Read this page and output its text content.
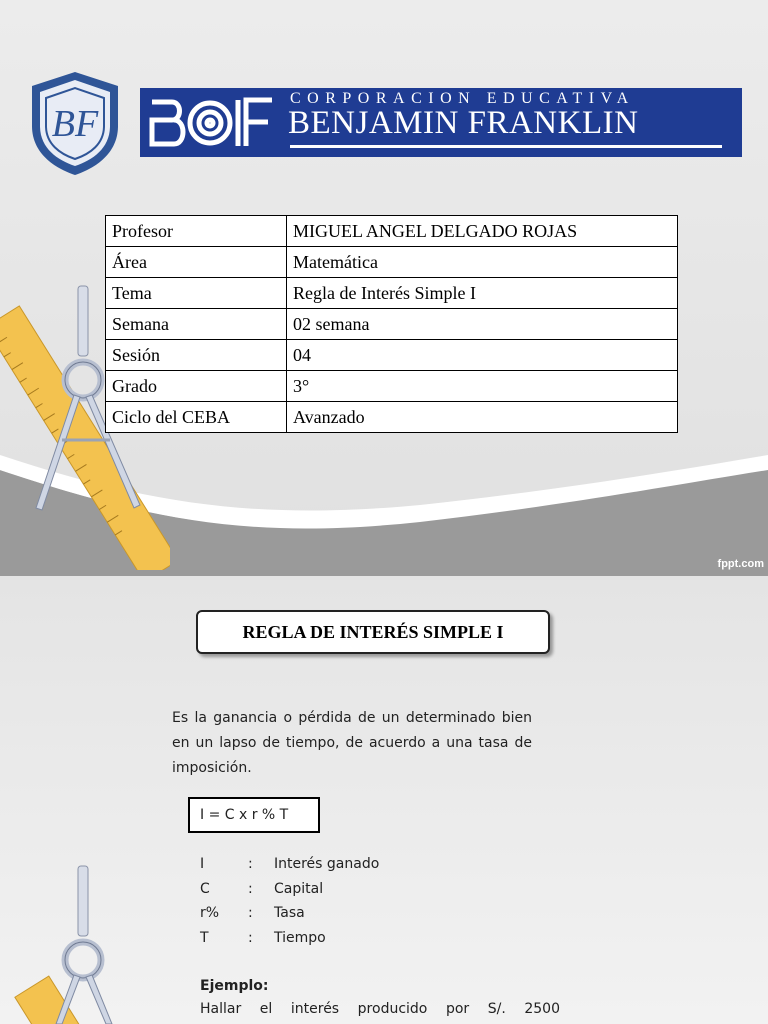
BF
CORPORACION EDUCATIVA
BENJAMIN FRANKLIN
Profesor	MIGUEL ANGEL DELGADO ROJAS
Área	Matemática
Tema	Regla de Interés Simple I
Semana	02 semana
Sesión	04
Grado	3°
Ciclo del CEBA	Avanzado
fppt.com
REGLA DE INTERÉS SIMPLE I
Es la ganancia o pérdida de un determinado bien en un lapso de tiempo, de acuerdo a una tasa de imposición.
I = C x r % T
I	:	Interés ganado
C	:	Capital
r%	:	Tasa
T	:	Tiempo
Ejemplo:
Hallar el interés producido por S/. 2500
